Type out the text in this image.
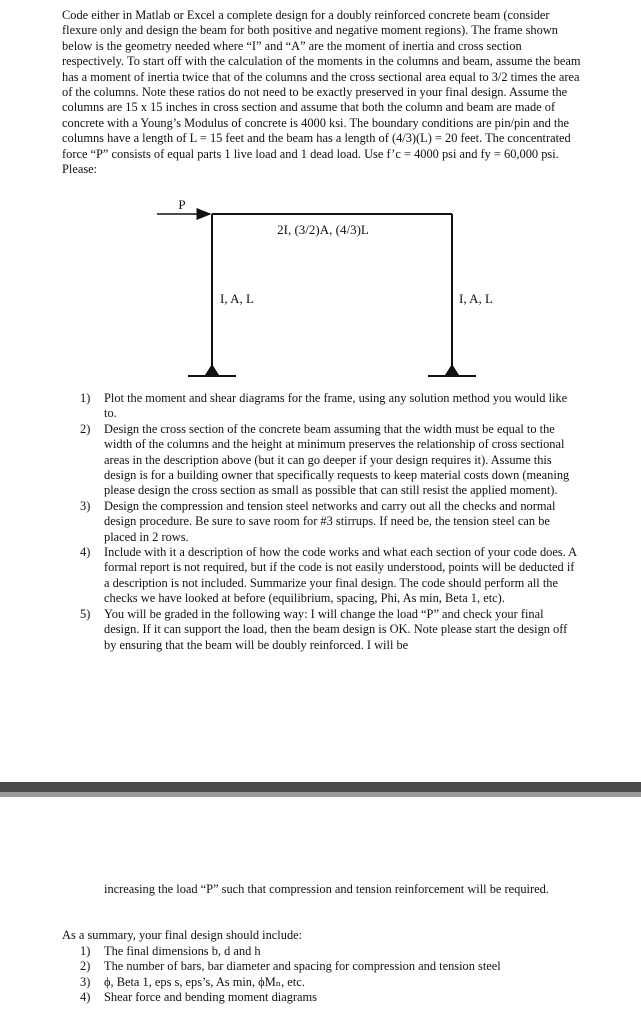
Code either in Matlab or Excel a complete design for a doubly reinforced concrete beam (consider flexure only and design the beam for both positive and negative moment regions). The frame shown below is the geometry needed where “I” and “A” are the moment of inertia and cross section respectively. To start off with the calculation of the moments in the columns and beam, assume the beam has a moment of inertia twice that of the columns and the cross sectional area equal to 3/2 times the area of the columns. Note these ratios do not need to be exactly preserved in your final design. Assume the columns are 15 x 15 inches in cross section and assume that both the column and beam are made of concrete with a Young’s Modulus of concrete is 4000 ksi. The boundary conditions are pin/pin and the columns have a length of L = 15 feet and the beam has a length of (4/3)(L) = 20 feet. The concentrated force “P” consists of equal parts 1 live load and 1 dead load. Use f’c = 4000 psi and fy = 60,000 psi. Please:

P
2I, (3/2)A, (4/3)L
I, A, L	I, A, L
1) Plot the moment and shear diagrams for the frame, using any solution method you would like to.
2) Design the cross section of the concrete beam assuming that the width must be equal to the width of the columns and the height at minimum preserves the relationship of cross sectional areas in the description above (but it can go deeper if your design requires it). Assume this design is for a building owner that specifically requests to keep material costs down (meaning please design the cross section as small as possible that can still resist the applied moment).
3) Design the compression and tension steel networks and carry out all the checks and normal design procedure. Be sure to save room for #3 stirrups. If need be, the tension steel can be placed in 2 rows.
4) Include with it a description of how the code works and what each section of your code does. A formal report is not required, but if the code is not easily understood, points will be deducted if a description is not included. Summarize your final design. The code should perform all the checks we have looked at before (equilibrium, spacing, Phi, As min, Beta 1, etc).
5) You will be graded in the following way: I will change the load “P” and check your final design. If it can support the load, then the beam design is OK. Note please start the design off by ensuring that the beam will be doubly reinforced. I will be

increasing the load “P” such that compression and tension reinforcement will be required.

As a summary, your final design should include:

1) The final dimensions b, d and h
2) The number of bars, bar diameter and spacing for compression and tension steel
3) ϕ, Beta 1, eps s, eps’s, As min, ϕMₙ, etc.
4) Shear force and bending moment diagrams
